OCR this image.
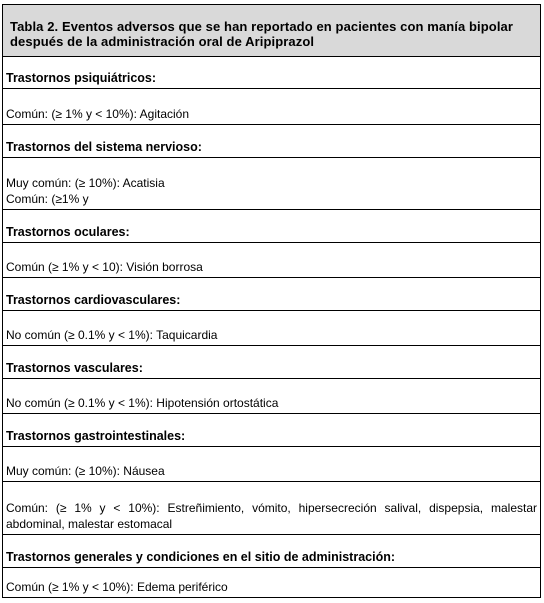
Tabla 2. Eventos adversos que se han reportado en pacientes con manía bipolar después de la administración oral de Aripiprazol
Trastornos psiquiátricos:
Común: (≥ 1% y < 10%): Agitación
Trastornos del sistema nervioso:
Muy común: (≥ 10%): Acatisia
Común: (≥1% y
Trastornos oculares:
Común (≥ 1% y < 10): Visión borrosa
Trastornos cardiovasculares:
No común (≥ 0.1% y < 1%): Taquicardia
Trastornos vasculares:
No común (≥ 0.1% y < 1%): Hipotensión ortostática
Trastornos gastrointestinales:
Muy común: (≥ 10%): Náusea
Común: (≥ 1% y < 10%): Estreñimiento, vómito, hipersecreción salival, dispepsia, malestar abdominal, malestar estomacal
Trastornos generales y condiciones en el sitio de administración:
Común (≥ 1% y < 10%): Edema periférico
